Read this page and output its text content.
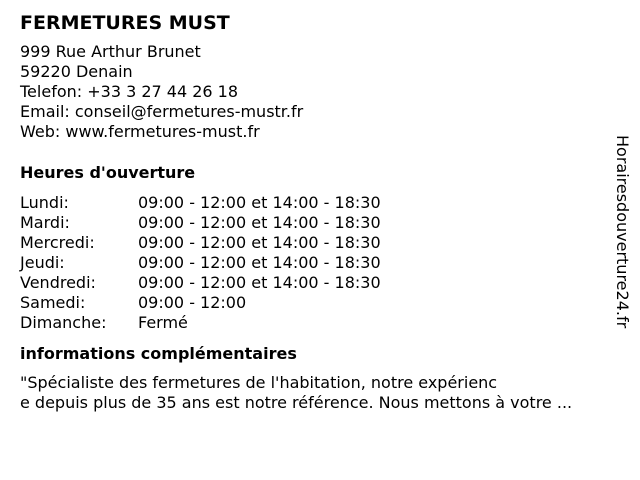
FERMETURES MUST
999 Rue Arthur Brunet
59220 Denain
Telefon: +33 3 27 44 26 18
Email: conseil@fermetures-mustr.fr
Web: www.fermetures-must.fr
Heures d'ouverture
Lundi:	09:00 - 12:00 et 14:00 - 18:30
Mardi:	09:00 - 12:00 et 14:00 - 18:30
Mercredi:	09:00 - 12:00 et 14:00 - 18:30
Jeudi:	09:00 - 12:00 et 14:00 - 18:30
Vendredi:	09:00 - 12:00 et 14:00 - 18:30
Samedi:	09:00 - 12:00
Dimanche:	Fermé
informations complémentaires
"Spécialiste des fermetures de l'habitation, notre expérienc
e depuis plus de 35 ans est notre référence. Nous mettons à votre ...
Horairesdouverture24.fr
